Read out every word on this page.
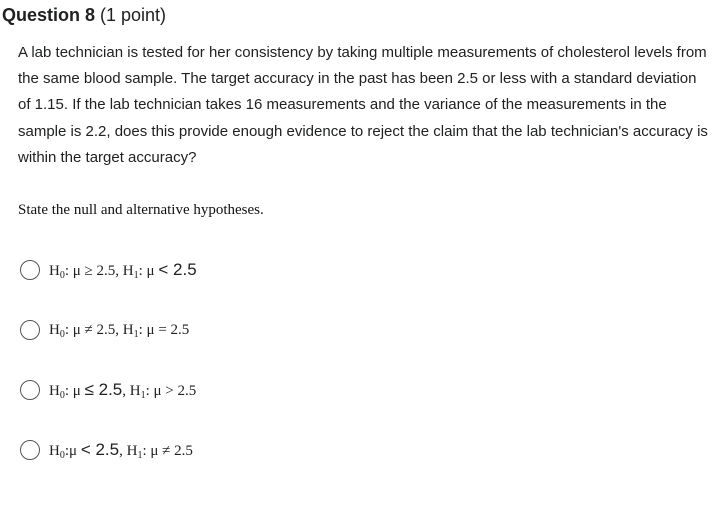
Question 8 (1 point)
A lab technician is tested for her consistency by taking multiple measurements of cholesterol levels from the same blood sample. The target accuracy in the past has been 2.5 or less with a standard deviation of 1.15. If the lab technician takes 16 measurements and the variance of the measurements in the sample is 2.2, does this provide enough evidence to reject the claim that the lab technician's accuracy is within the target accuracy?
State the null and alternative hypotheses.
$H_0$: μ ≥ 2.5, $H_1$: μ < 2.5
$H_0$: μ ≠ 2.5, $H_1$: μ = 2.5
$H_0$: μ ≤ 2.5, $H_1$: μ > 2.5
$H_0:\mu < 2.5$, $H_1$: μ ≠ 2.5
